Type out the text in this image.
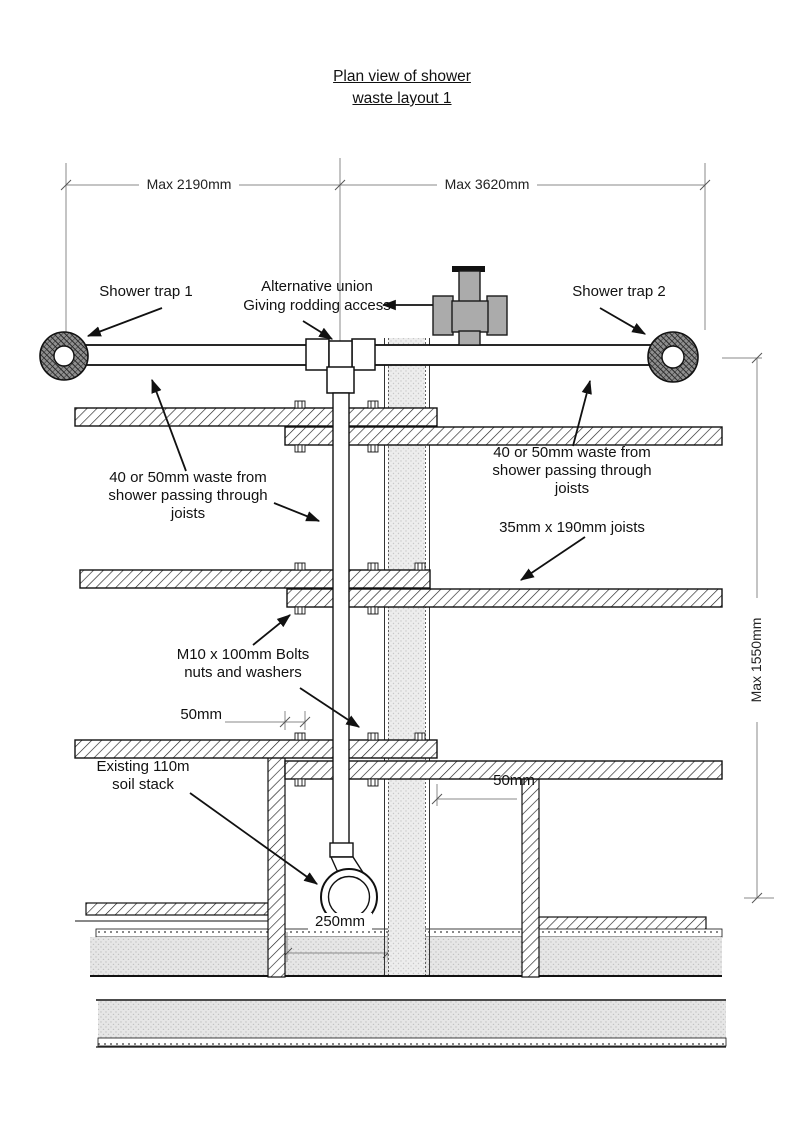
Plan view of shower
waste layout 1
Max 2190mm	Max 3620mm
Max 1550mm
50mm
50mm
250mm
Shower trap 1	Shower trap 2
Alternative union
Giving rodding access
40 or 50mm waste from
shower passing through
joists
40 or 50mm waste from
shower passing through
joists
35mm x 190mm joists
M10 x 100mm Bolts
nuts and washers
Existing 110m
soil stack
